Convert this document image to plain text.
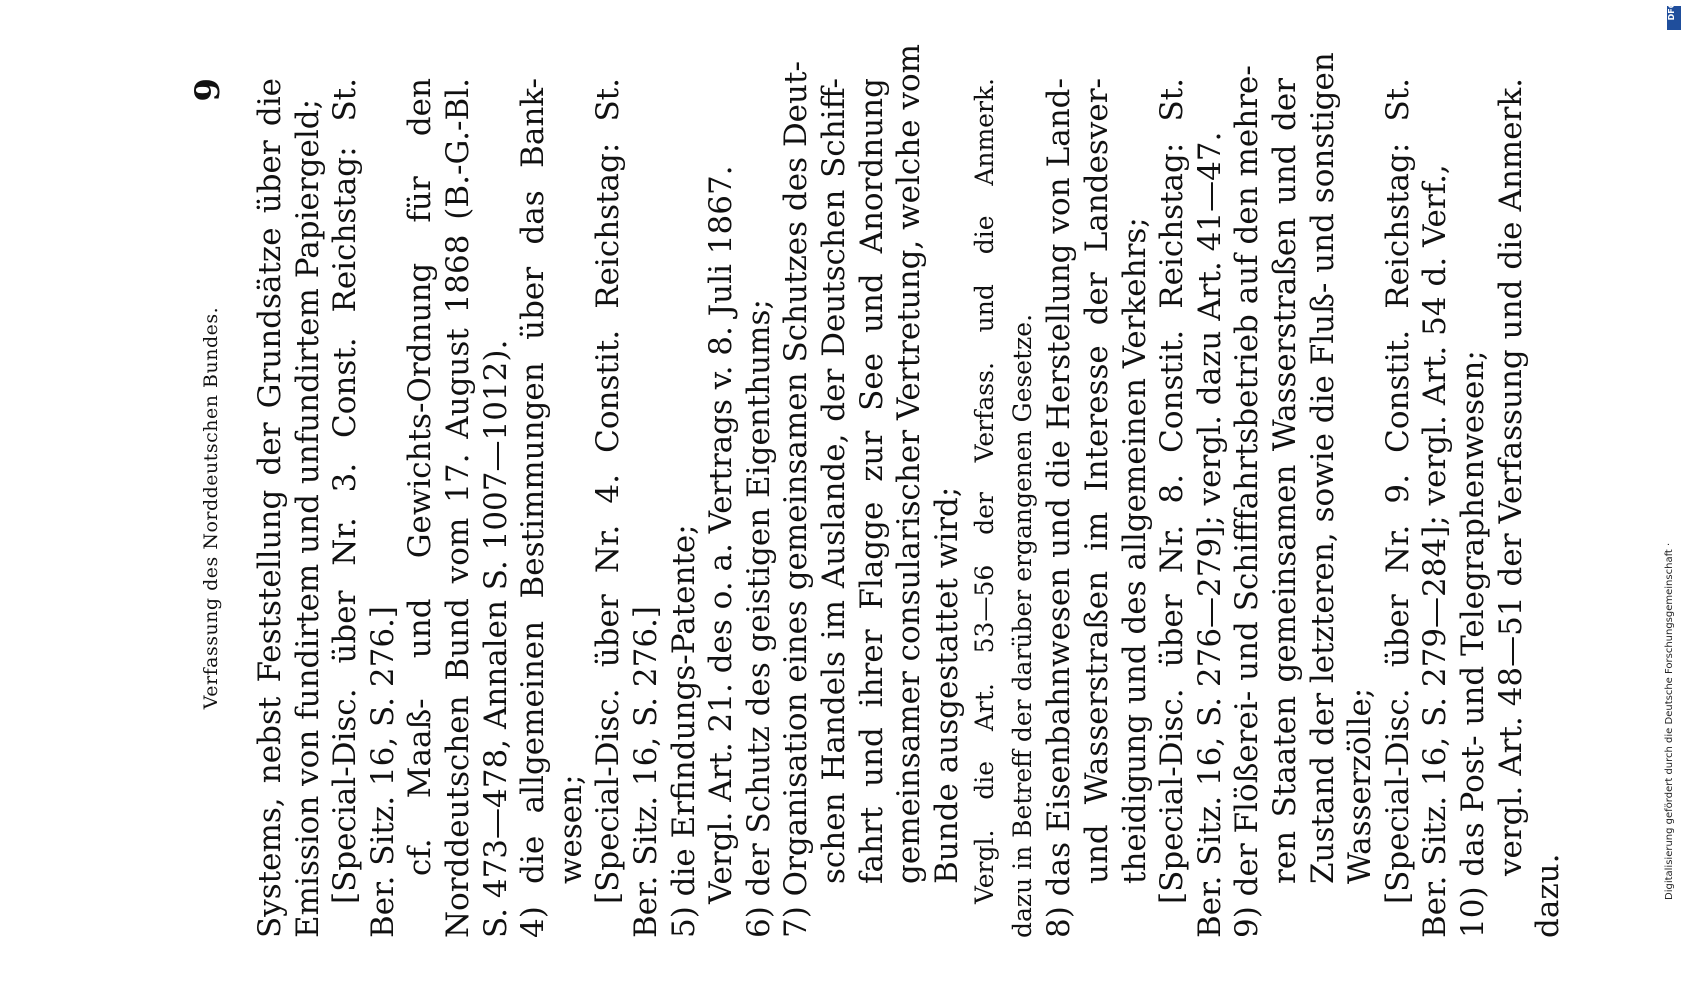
Verfassung des Norddeutschen Bundes.
9 Systems, nebst Feststellung der Grundsätze über die Emission von fundirtem und unfundirtem Papiergeld; [Special-Disc. über Nr. 3. Const. Reichstag: St. Ber. Sitz. 16, S. 276.] cf. Maaß- und Gewichts-Ordnung für den Norddeutschen Bund vom 17. August 1868 (B.-G.-Bl. S. 473—478, Annalen S. 1007—1012). 4) die allgemeinen Bestimmungen über das Bank- wesen; [Special-Disc. über Nr. 4. Constit. Reichstag: St. Ber. Sitz. 16, S. 276.] 5) die Erfindungs-Patente; Vergl. Art. 21. des o. a. Vertrags v. 8. Juli 1867. 6) der Schutz des geistigen Eigenthums; 7) Organisation eines gemeinsamen Schutzes des Deut- schen Handels im Auslande, der Deutschen Schiff- fahrt und ihrer Flagge zur See und Anordnung gemeinsamer consularischer Vertretung, welche vom Bunde ausgestattet wird; Vergl. die Art. 53—56 der Verfass. und die Anmerk. dazu in Betreff der darüber ergangenen Gesetze. 8) das Eisenbahnwesen und die Herstellung von Land- und Wasserstraßen im Interesse der Landesver- theidigung und des allgemeinen Verkehrs; [Special-Disc. über Nr. 8. Constit. Reichstag: St. Ber. Sitz. 16, S. 276—279]; vergl. dazu Art. 41—47. 9) der Flößerei- und Schifffahrtsbetrieb auf den mehre- ren Staaten gemeinsamen Wasserstraßen und der Zustand der letzteren, sowie die Fluß- und sonstigen Wasserzölle; [Special-Disc. über Nr. 9. Constit. Reichstag: St. Ber. Sitz. 16, S. 279—284]; vergl. Art. 54 d. Verf., 10) das Post- und Telegraphenwesen; vergl. Art. 48—51 der Verfassung und die Anmerk.
dazu.	Digitalisierung gefördert durch die Deutsche Forschungsgemeinschaft ·
DFG
